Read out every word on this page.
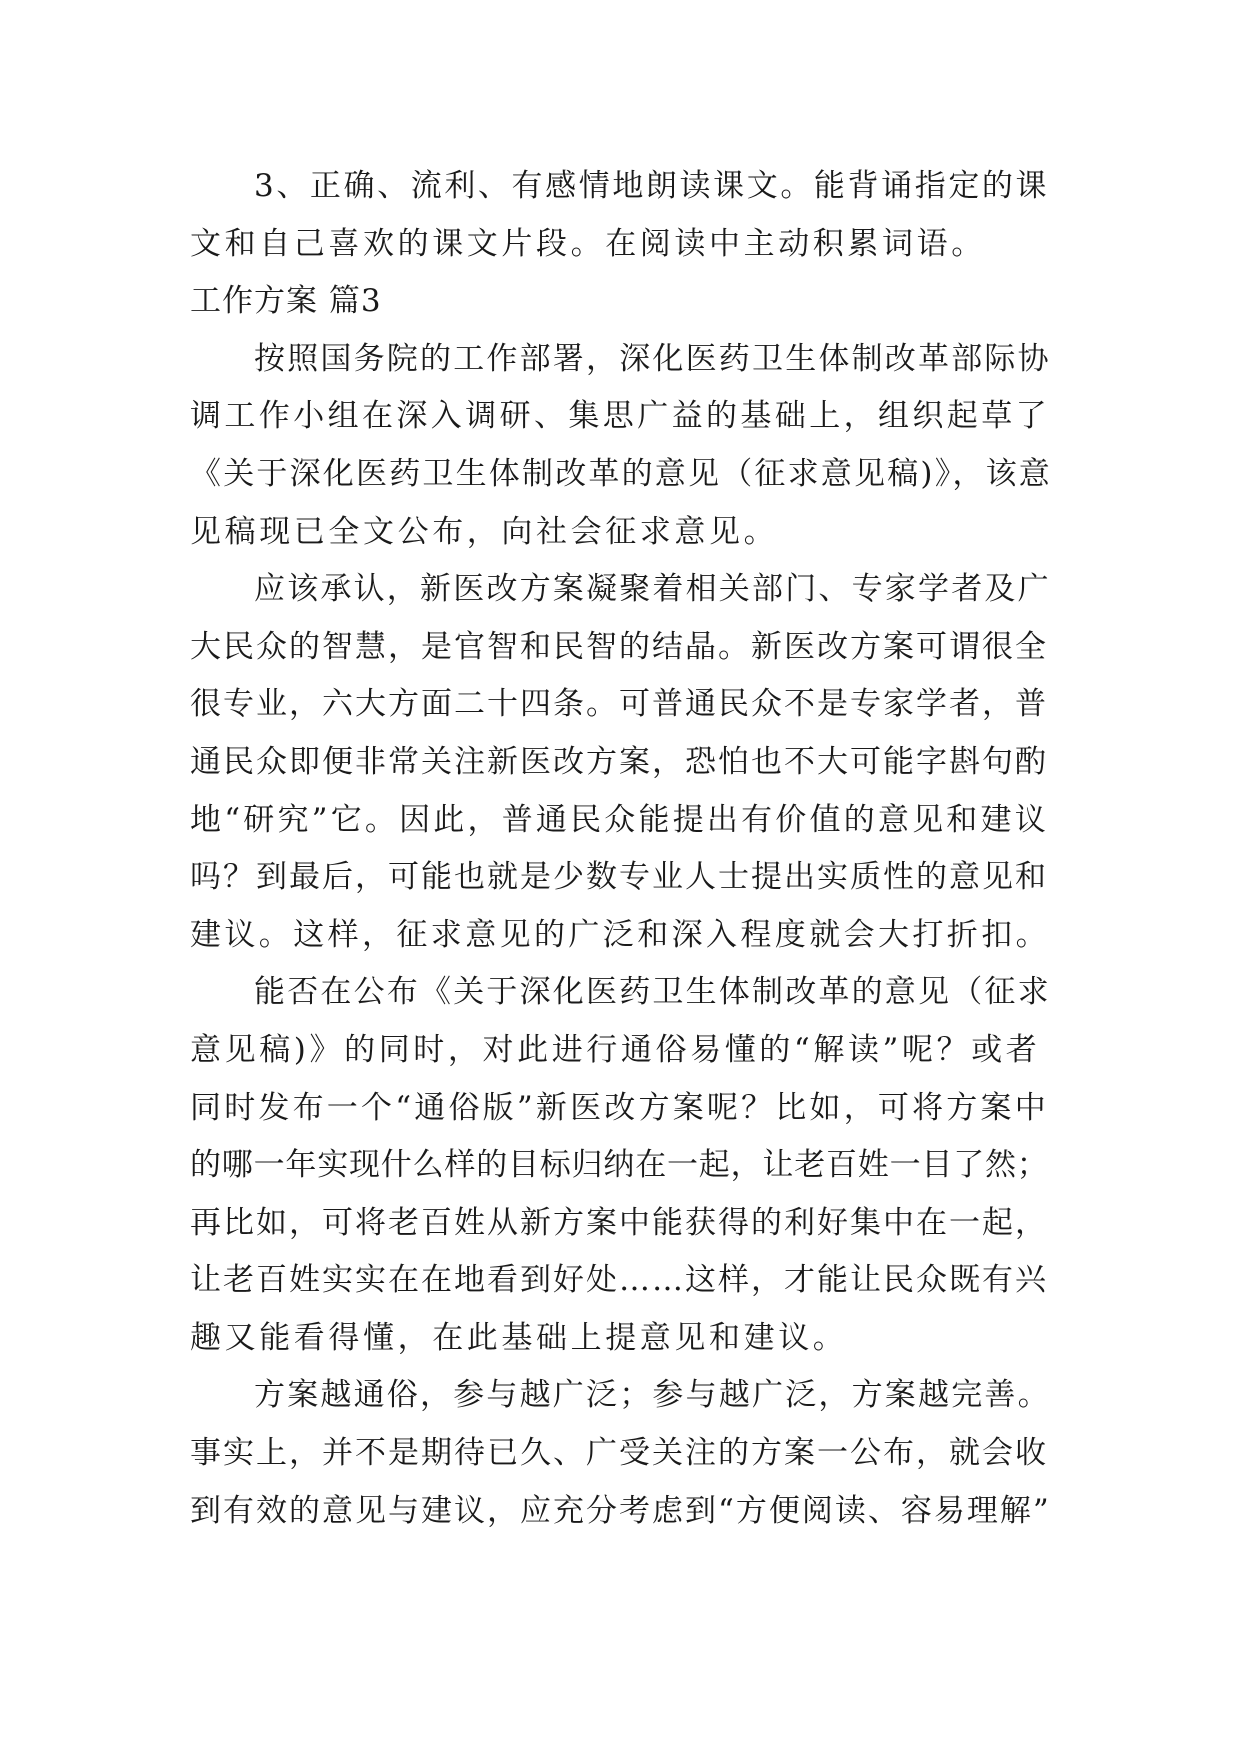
3、正确、流利、有感情地朗读课文。能背诵指定的课
文和自己喜欢的课文片段。在阅读中主动积累词语。
工作方案 篇3
按照国务院的工作部署，深化医药卫生体制改革部际协
调工作小组在深入调研、集思广益的基础上，组织起草了
《关于深化医药卫生体制改革的意见（征求意见稿)》，该意
见稿现已全文公布，向社会征求意见。
应该承认，新医改方案凝聚着相关部门、专家学者及广
大民众的智慧，是官智和民智的结晶。新医改方案可谓很全
很专业，六大方面二十四条。可普通民众不是专家学者，普
通民众即便非常关注新医改方案，恐怕也不大可能字斟句酌
地“研究”它。因此，普通民众能提出有价值的意见和建议
吗？到最后，可能也就是少数专业人士提出实质性的意见和
建议。这样，征求意见的广泛和深入程度就会大打折扣。
能否在公布《关于深化医药卫生体制改革的意见（征求
意见稿)》的同时，对此进行通俗易懂的“解读”呢？或者
同时发布一个“通俗版”新医改方案呢？比如，可将方案中
的哪一年实现什么样的目标归纳在一起，让老百姓一目了然；
再比如，可将老百姓从新方案中能获得的利好集中在一起，
让老百姓实实在在地看到好处……这样，才能让民众既有兴
趣又能看得懂，在此基础上提意见和建议。
方案越通俗，参与越广泛；参与越广泛，方案越完善。
事实上，并不是期待已久、广受关注的方案一公布，就会收
到有效的意见与建议，应充分考虑到“方便阅读、容易理解”
